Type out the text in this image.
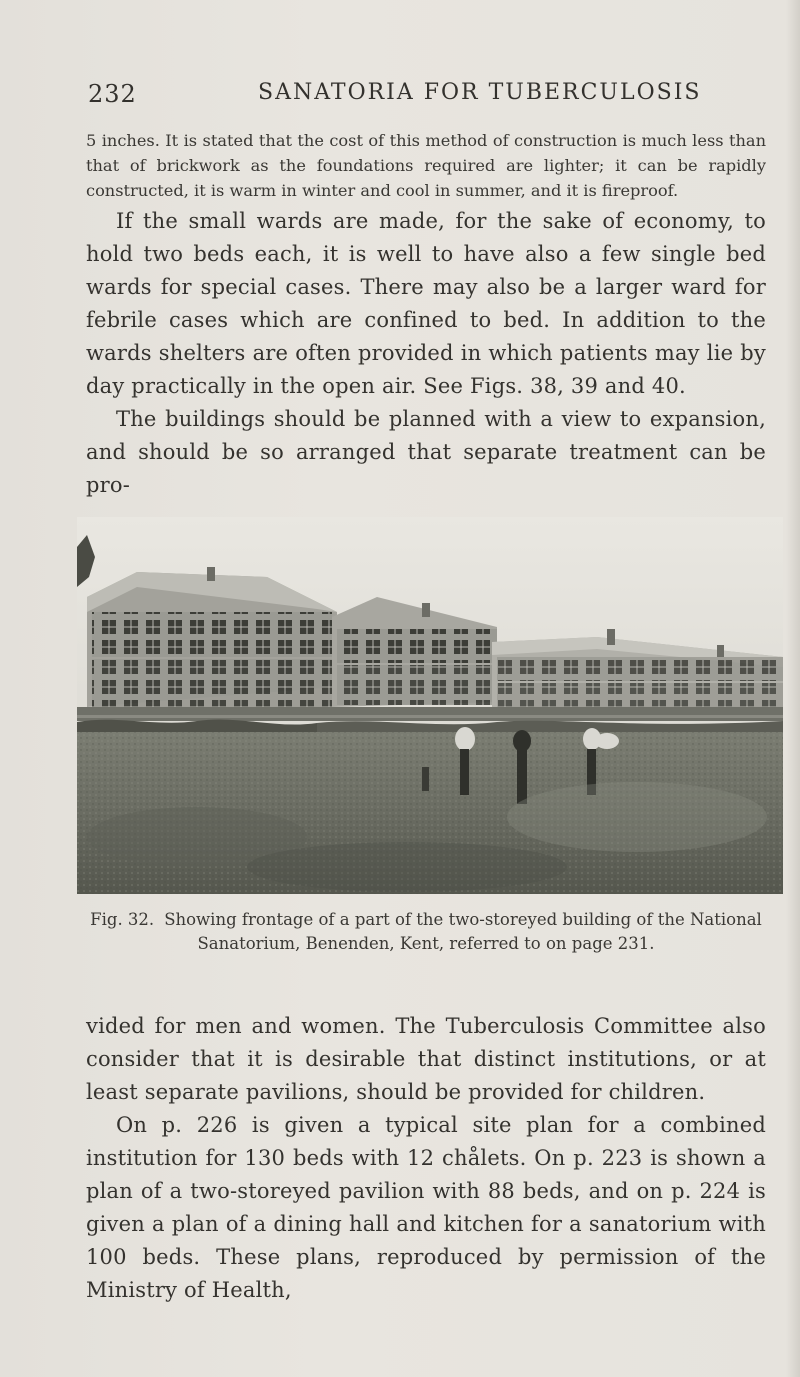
232	SANATORIA FOR TUBERCULOSIS

5 inches. It is stated that the cost of this method of construction is much less than that of brickwork as the foundations required are lighter; it can be rapidly constructed, it is warm in winter and cool in summer, and it is fireproof.

If the small wards are made, for the sake of economy, to hold two beds each, it is well to have also a few single bed wards for special cases. There may also be a larger ward for febrile cases which are confined to bed. In addition to the wards shelters are often provided in which patients may lie by day practically in the open air. See Figs. 38, 39 and 40.

The buildings should be planned with a view to expansion, and should be so arranged that separate treatment can be pro-

Fig. 32. Showing frontage of a part of the two-storeyed building of the National Sanatorium, Benenden, Kent, referred to on page 231.

vided for men and women. The Tuberculosis Committee also consider that it is desirable that distinct institutions, or at least separate pavilions, should be provided for children.

On p. 226 is given a typical site plan for a combined institution for 130 beds with 12 chålets. On p. 223 is shown a plan of a two-storeyed pavilion with 88 beds, and on p. 224 is given a plan of a dining hall and kitchen for a sanatorium with 100 beds. These plans, reproduced by permission of the Ministry of Health,
